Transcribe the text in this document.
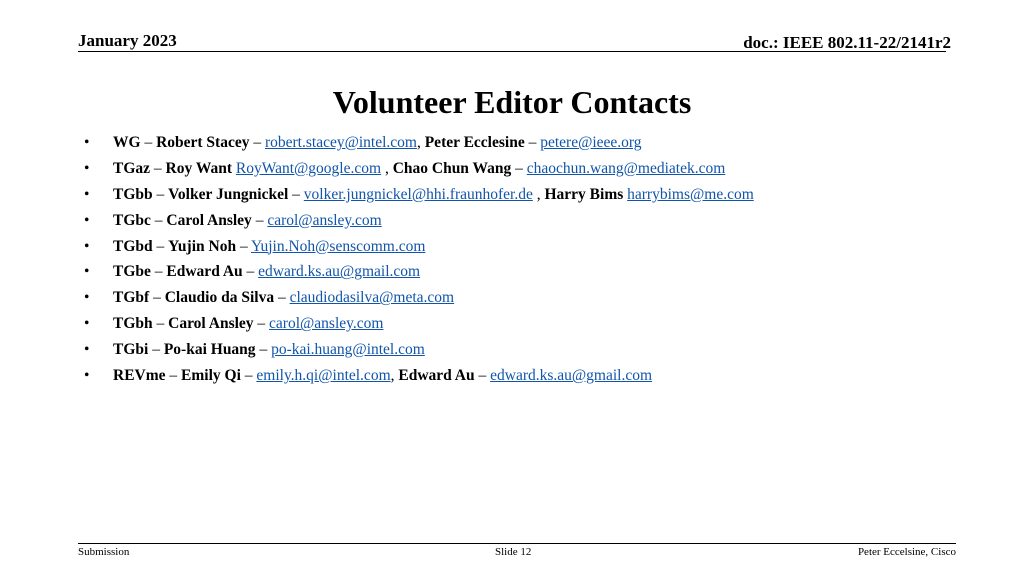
January 2023	doc.: IEEE 802.11-22/2141r2
Volunteer Editor Contacts
• WG – Robert Stacey – robert.stacey@intel.com, Peter Ecclesine – petere@ieee.org
• TGaz – Roy Want RoyWant@google.com , Chao Chun Wang – chaochun.wang@mediatek.com
• TGbb – Volker Jungnickel – volker.jungnickel@hhi.fraunhofer.de , Harry Bims harrybims@me.com
• TGbc – Carol Ansley – carol@ansley.com
• TGbd – Yujin Noh – Yujin.Noh@senscomm.com
• TGbe – Edward Au – edward.ks.au@gmail.com
• TGbf – Claudio da Silva – claudiodasilva@meta.com
• TGbh – Carol Ansley – carol@ansley.com
• TGbi – Po-kai Huang – po-kai.huang@intel.com
• REVme – Emily Qi – emily.h.qi@intel.com, Edward Au – edward.ks.au@gmail.com
Submission	Slide 12	Peter Eccelsine, Cisco
